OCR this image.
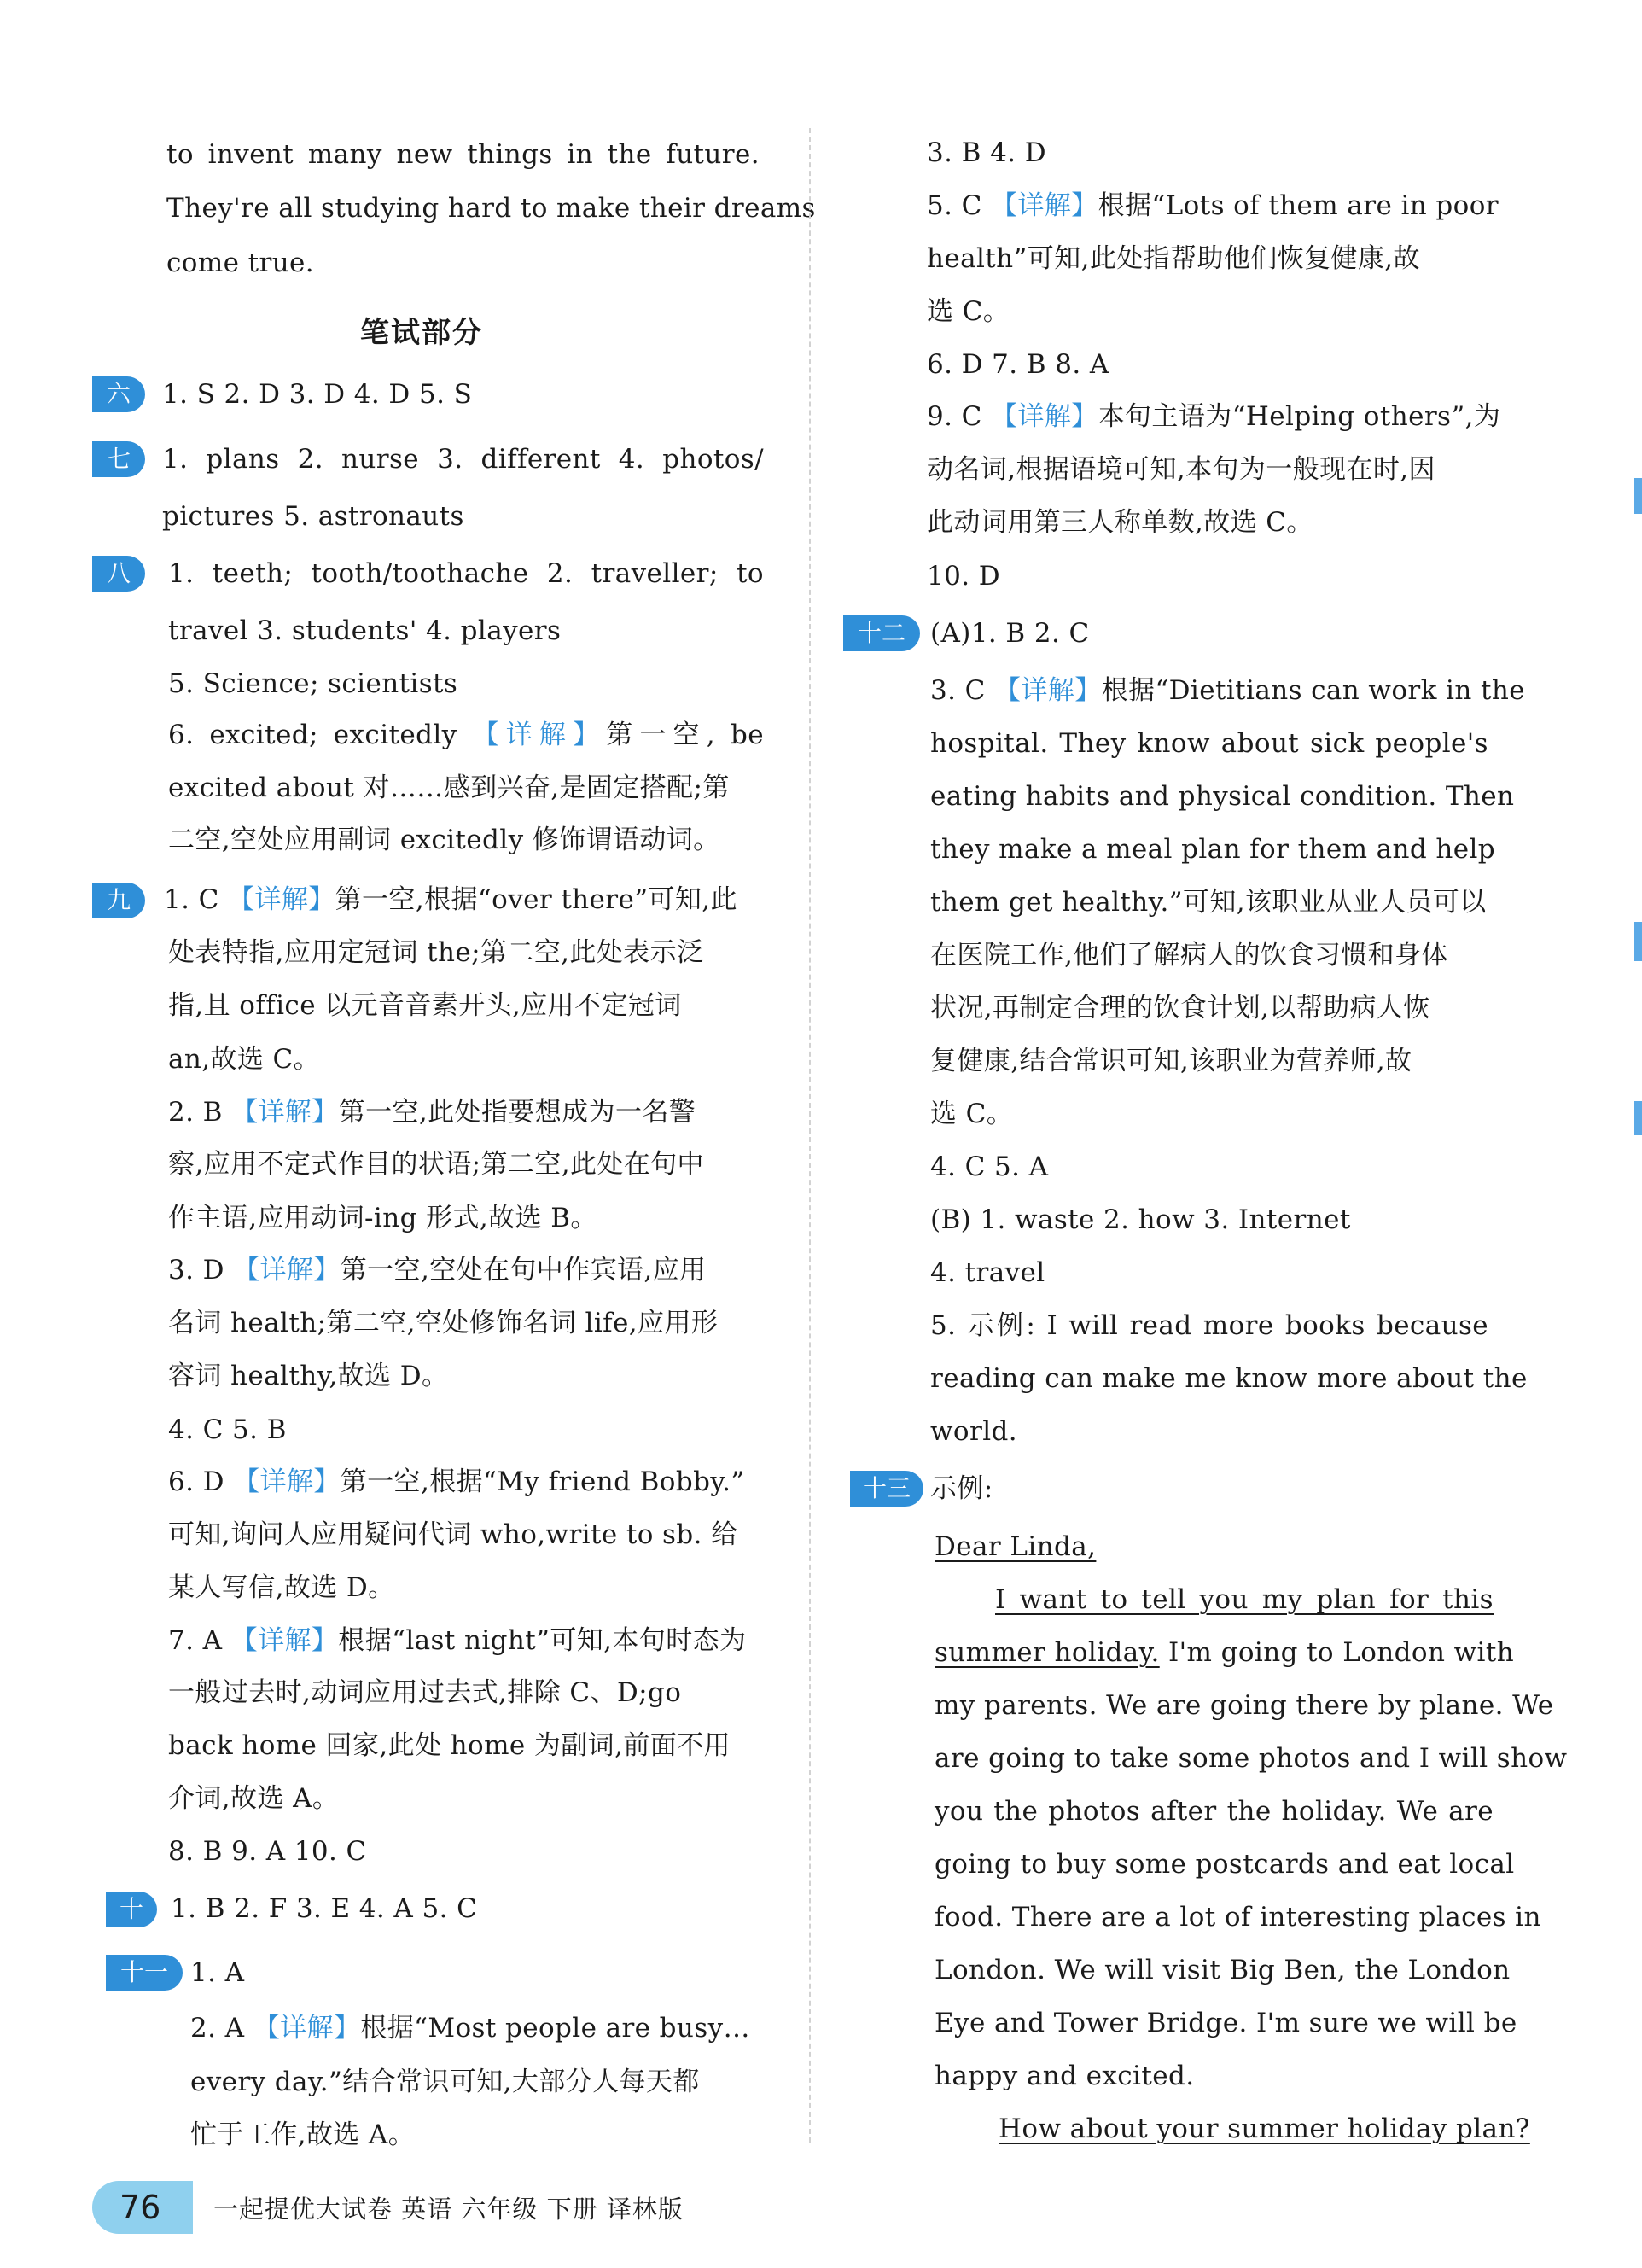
to invent many new things in the future.
They're all studying hard to make their dreams
come true.
笔试部分
六	1. S 2. D 3. D 4. D 5. S
七	1. plans 2. nurse 3. different 4. photos/
pictures 5. astronauts
八	1. teeth; tooth/toothache 2. traveller; to
travel 3. students' 4. players
5. Science; scientists
6. excited; excitedly 【详解】第一空, be
excited about 对……感到兴奋,是固定搭配;第
二空,空处应用副词 excitedly 修饰谓语动词。
九	1. C 【详解】第一空,根据“over there”可知,此
处表特指,应用定冠词 the;第二空,此处表示泛
指,且 office 以元音音素开头,应用不定冠词
an,故选 C。
2. B 【详解】第一空,此处指要想成为一名警
察,应用不定式作目的状语;第二空,此处在句中
作主语,应用动词-ing 形式,故选 B。
3. D 【详解】第一空,空处在句中作宾语,应用
名词 health;第二空,空处修饰名词 life,应用形
容词 healthy,故选 D。
4. C 5. B
6. D 【详解】第一空,根据“My friend Bobby.”
可知,询问人应用疑问代词 who,write to sb. 给
某人写信,故选 D。
7. A 【详解】根据“last night”可知,本句时态为
一般过去时,动词应用过去式,排除 C、D;go
back home 回家,此处 home 为副词,前面不用
介词,故选 A。
8. B 9. A 10. C
十	1. B 2. F 3. E 4. A 5. C
十一 1. A
2. A 【详解】根据“Most people are busy…
every day.”结合常识可知,大部分人每天都
忙于工作,故选 A。
3. B 4. D
5. C 【详解】根据“Lots of them are in poor
health”可知,此处指帮助他们恢复健康,故
选 C。
6. D 7. B 8. A
9. C 【详解】本句主语为“Helping others”,为
动名词,根据语境可知,本句为一般现在时,因
此动词用第三人称单数,故选 C。
10. D
十二 (A)1. B 2. C
3. C 【详解】根据“Dietitians can work in the
hospital. They know about sick people's
eating habits and physical condition. Then
they make a meal plan for them and help
them get healthy.”可知,该职业从业人员可以
在医院工作,他们了解病人的饮食习惯和身体
状况,再制定合理的饮食计划,以帮助病人恢
复健康,结合常识可知,该职业为营养师,故
选 C。
4. C 5. A
(B) 1. waste 2. how 3. Internet
4. travel
5. 示例: I will read more books because
reading can make me know more about the
world.
十三 示例:
Dear Linda,
I want to tell you my plan for this
summer holiday. I'm going to London with
my parents. We are going there by plane. We
are going to take some photos and I will show
you the photos after the holiday. We are
going to buy some postcards and eat local
food. There are a lot of interesting places in
London. We will visit Big Ben, the London
Eye and Tower Bridge. I'm sure we will be
happy and excited.
How about your summer holiday plan?
76 一起提优大试卷 英语 六年级 下册 译林版
